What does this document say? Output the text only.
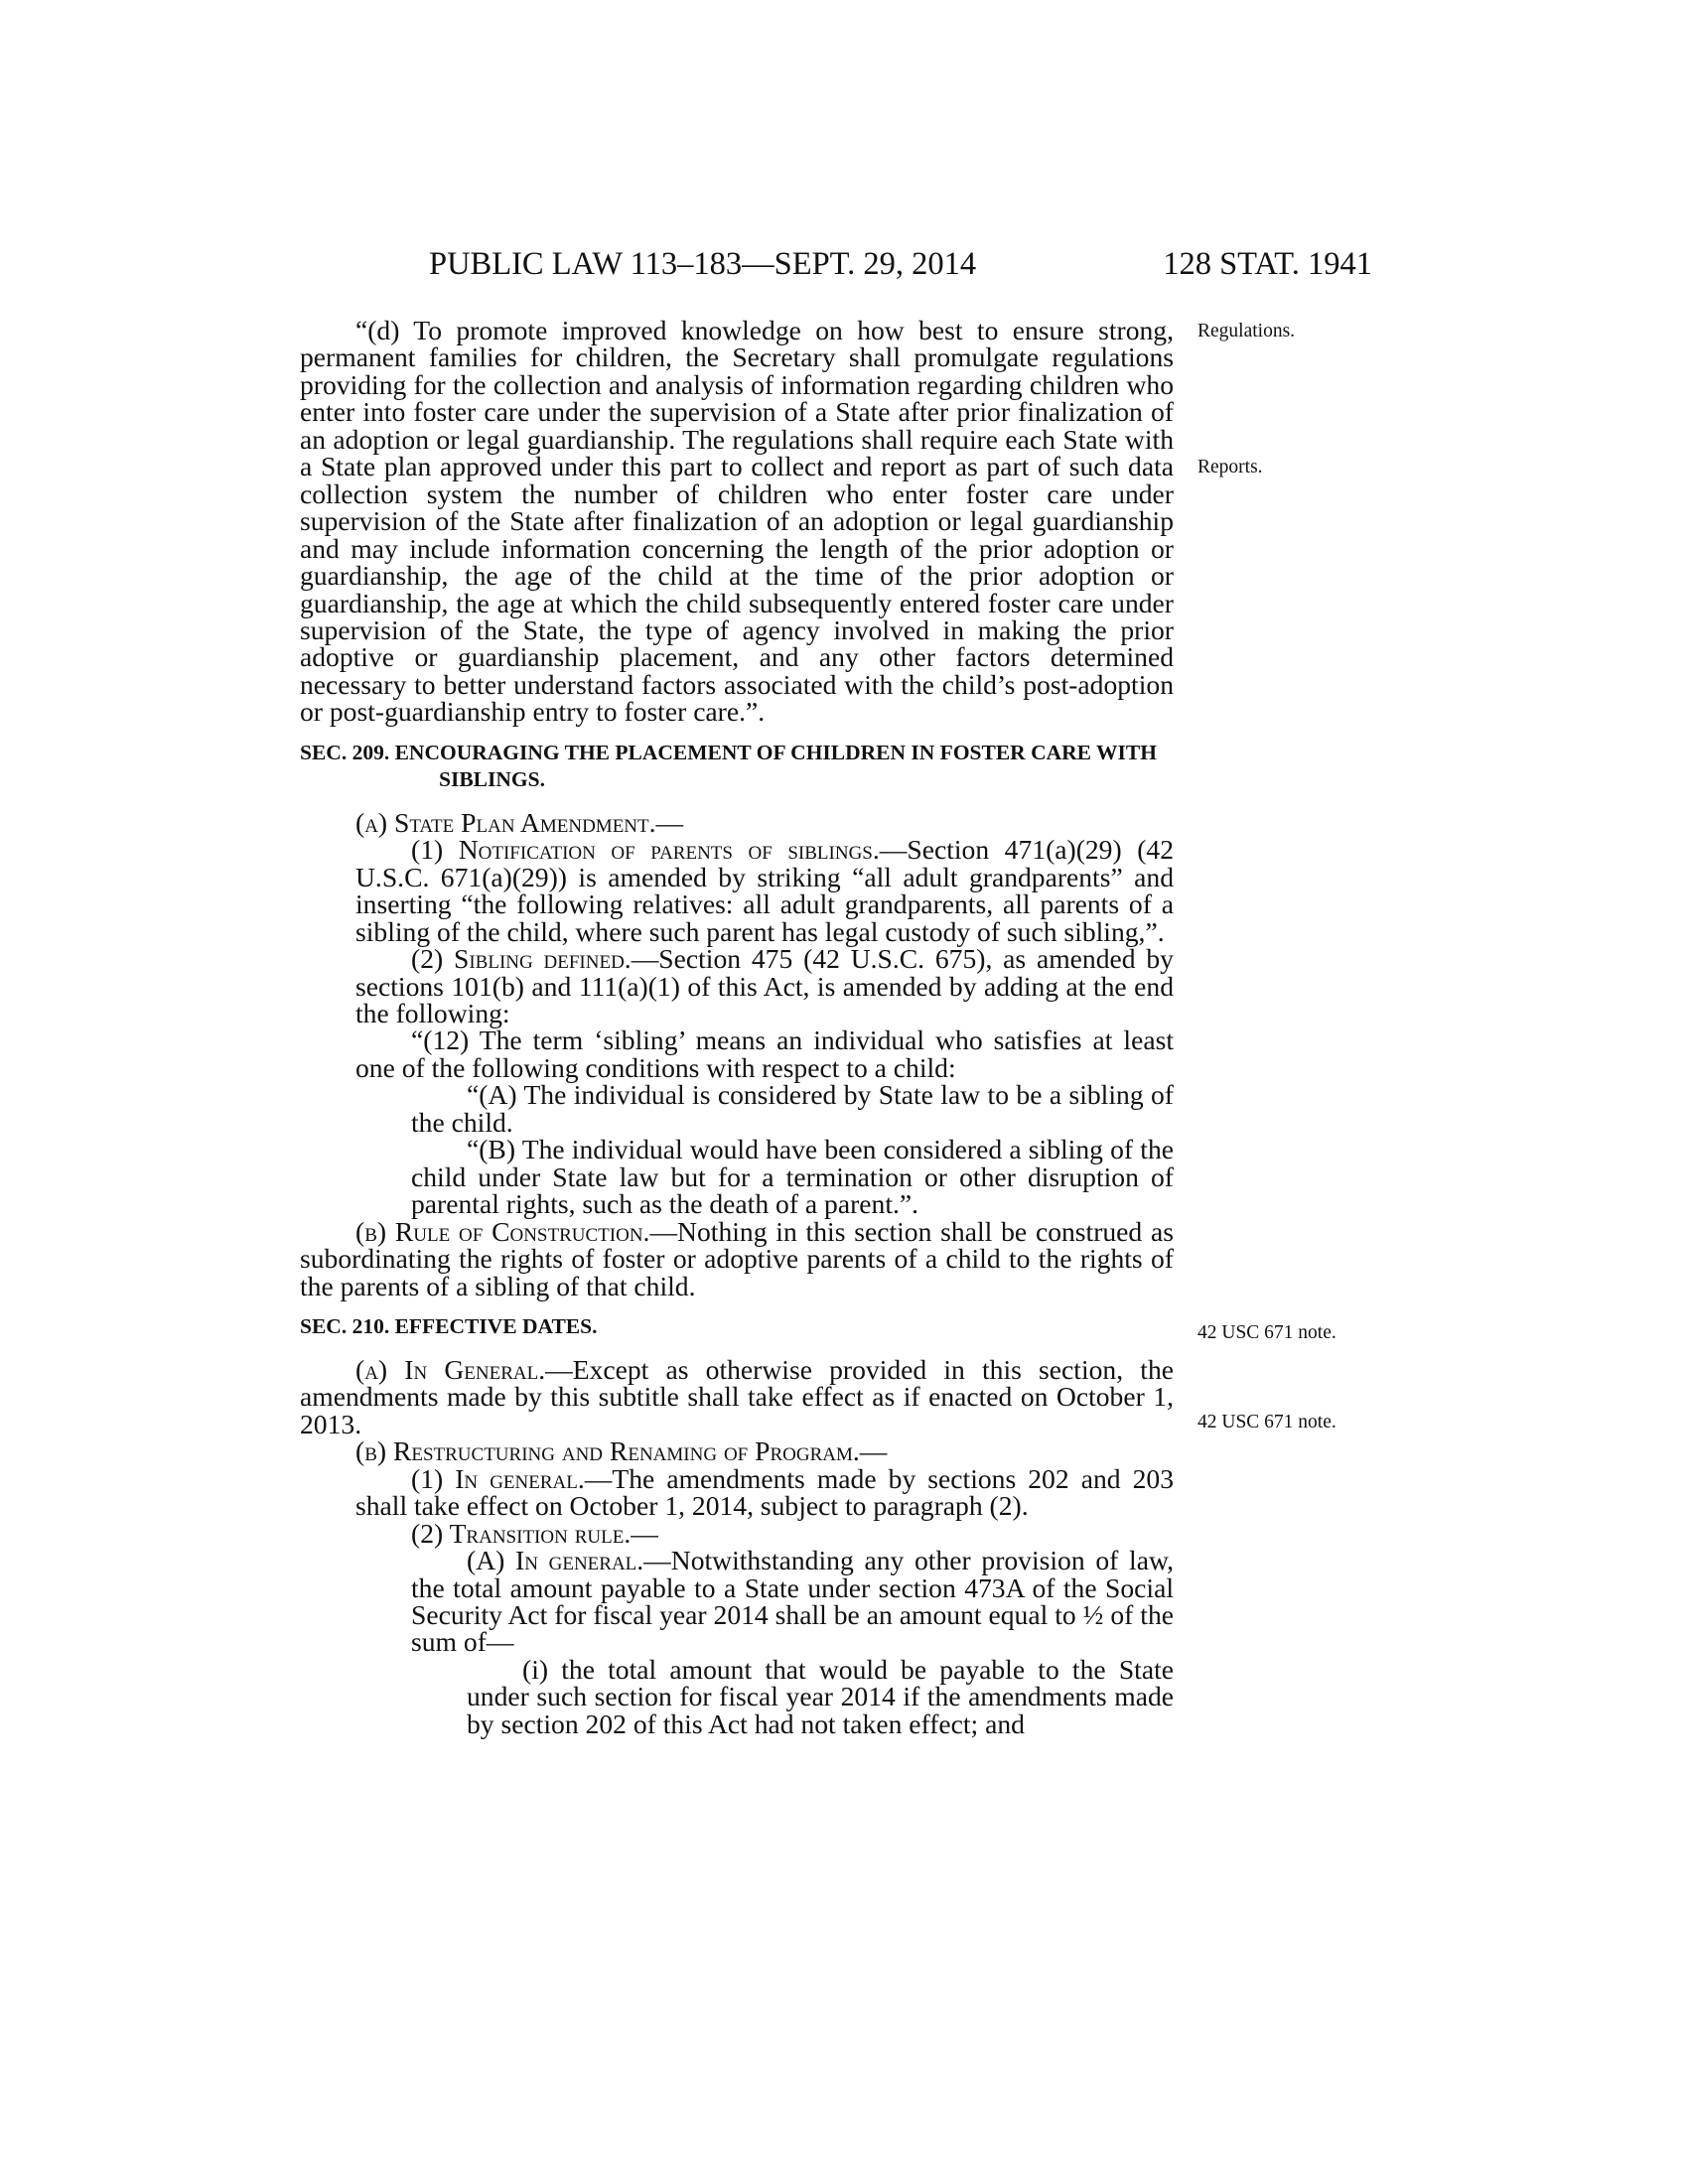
PUBLIC LAW 113–183—SEPT. 29, 2014	128 STAT. 1941

“(d) To promote improved knowledge on how best to ensure strong, permanent families for children, the Secretary shall promulgate regulations providing for the collection and analysis of information regarding children who enter into foster care under the supervision of a State after prior finalization of an adoption or legal guardianship. The regulations shall require each State with a State plan approved under this part to collect and report as part of such data collection system the number of children who enter foster care under supervision of the State after finalization of an adoption or legal guardianship and may include information concerning the length of the prior adoption or guardianship, the age of the child at the time of the prior adoption or guardianship, the age at which the child subsequently entered foster care under supervision of the State, the type of agency involved in making the prior adoptive or guardianship placement, and any other factors determined necessary to better understand factors associated with the child’s post-adoption or post-guardianship entry to foster care.”.

SEC. 209. ENCOURAGING THE PLACEMENT OF CHILDREN IN FOSTER CARE WITH SIBLINGS.

(a) State Plan Amendment.—

(1) Notification of parents of siblings.—Section 471(a)(29) (42 U.S.C. 671(a)(29)) is amended by striking “all adult grandparents” and inserting “the following relatives: all adult grandparents, all parents of a sibling of the child, where such parent has legal custody of such sibling,”.

(2) Sibling defined.—Section 475 (42 U.S.C. 675), as amended by sections 101(b) and 111(a)(1) of this Act, is amended by adding at the end the following:

“(12) The term ‘sibling’ means an individual who satisfies at least one of the following conditions with respect to a child:

“(A) The individual is considered by State law to be a sibling of the child.

“(B) The individual would have been considered a sibling of the child under State law but for a termination or other disruption of parental rights, such as the death of a parent.”.

(b) Rule of Construction.—Nothing in this section shall be construed as subordinating the rights of foster or adoptive parents of a child to the rights of the parents of a sibling of that child.

SEC. 210. EFFECTIVE DATES.

(a) In General.—Except as otherwise provided in this section, the amendments made by this subtitle shall take effect as if enacted on October 1, 2013.

(b) Restructuring and Renaming of Program.—

(1) In general.—The amendments made by sections 202 and 203 shall take effect on October 1, 2014, subject to paragraph (2).

(2) Transition rule.—

(A) In general.—Notwithstanding any other provision of law, the total amount payable to a State under section 473A of the Social Security Act for fiscal year 2014 shall be an amount equal to ½ of the sum of—

(i) the total amount that would be payable to the State under such section for fiscal year 2014 if the amendments made by section 202 of this Act had not taken effect; and

Regulations.
Reports.
42 USC 671 note.
42 USC 671 note.
